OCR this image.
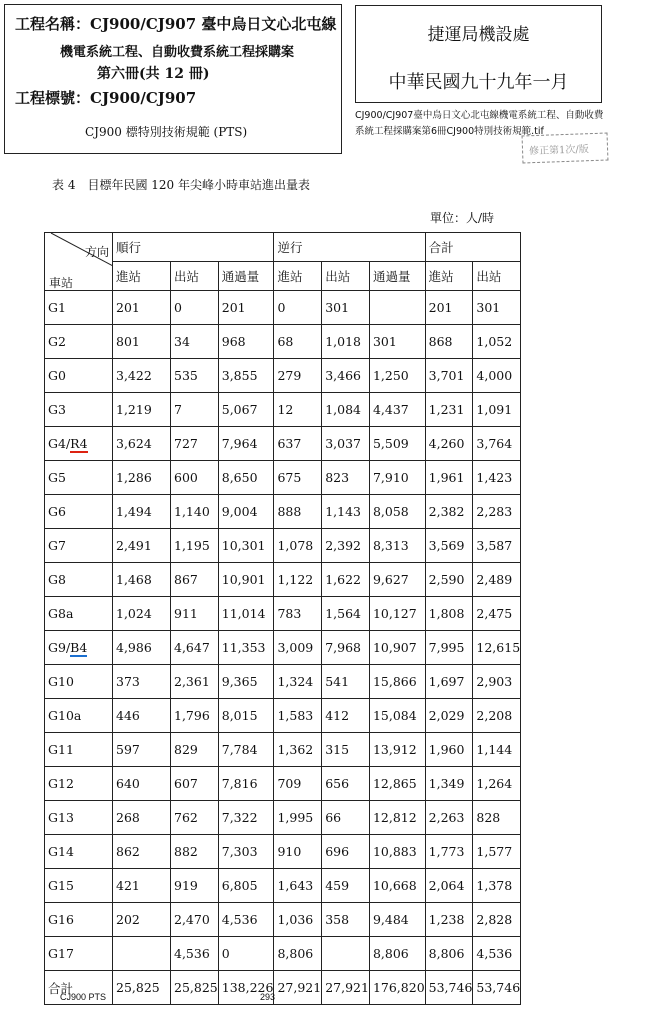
工程名稱：CJ900/CJ907 臺中烏日文心北屯線
機電系統工程、自動收費系統工程採購案
第六冊(共 12 冊)
工程標號：CJ900/CJ907
CJ900 標特別技術規範 (PTS)
捷運局機設處
中華民國九十九年一月
CJ900/CJ907臺中烏日文心北屯線機電系統工程、自動收費系統工程採購案第6冊CJ900特別技術規範.tif
修正第1次/版
表 4　目標年民國 120 年尖峰小時車站進出量表
單位：人/時
方向
車站	順行			逆行			合計	
	進站	出站	通過量	進站	出站	通過量	進站	出站
G1	201	0	201	0	301		201	301
G2	801	34	968	68	1,018	301	868	1,052
G0	3,422	535	3,855	279	3,466	1,250	3,701	4,000
G3	1,219	7	5,067	12	1,084	4,437	1,231	1,091
G4/R4	3,624	727	7,964	637	3,037	5,509	4,260	3,764
G5	1,286	600	8,650	675	823	7,910	1,961	1,423
G6	1,494	1,140	9,004	888	1,143	8,058	2,382	2,283
G7	2,491	1,195	10,301	1,078	2,392	8,313	3,569	3,587
G8	1,468	867	10,901	1,122	1,622	9,627	2,590	2,489
G8a	1,024	911	11,014	783	1,564	10,127	1,808	2,475
G9/B4	4,986	4,647	11,353	3,009	7,968	10,907	7,995	12,615
G10	373	2,361	9,365	1,324	541	15,866	1,697	2,903
G10a	446	1,796	8,015	1,583	412	15,084	2,029	2,208
G11	597	829	7,784	1,362	315	13,912	1,960	1,144
G12	640	607	7,816	709	656	12,865	1,349	1,264
G13	268	762	7,322	1,995	66	12,812	2,263	828
G14	862	882	7,303	910	696	10,883	1,773	1,577
G15	421	919	6,805	1,643	459	10,668	2,064	1,378
G16	202	2,470	4,536	1,036	358	9,484	1,238	2,828
G17		4,536	0	8,806		8,806	8,806	4,536
合計	25,825	25,825	138,226	27,921	27,921	176,820	53,746	53,746
CJ900 PTS	293
